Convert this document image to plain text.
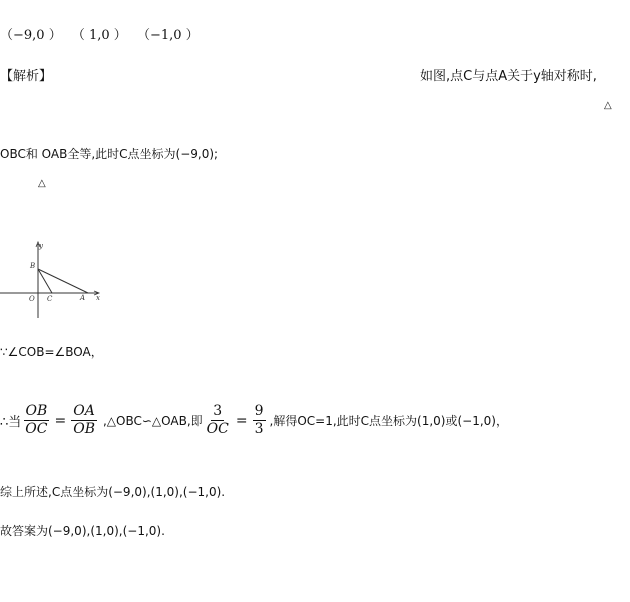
（−9,0 ） （ 1,0 ） （−1,0 ）
【解析】	如图,点C与点A关于y轴对称时,
△
OBC和 OAB全等,此时C点坐标为(−9,0);
△
y
x
B
O C	A
∵∠COB=∠BOA，
∴当 $\frac{OB}{OC} = \frac{OA}{OB}$ ,△OBC∽△OAB,即 $\frac{3}{OC} = \frac{9}{3}$ ,解得OC=1,此时C点坐标为(1,0)或(−1,0)，
综上所述,C点坐标为(−9,0),(1,0),(−1,0).
故答案为(−9,0),(1,0),(−1,0).
